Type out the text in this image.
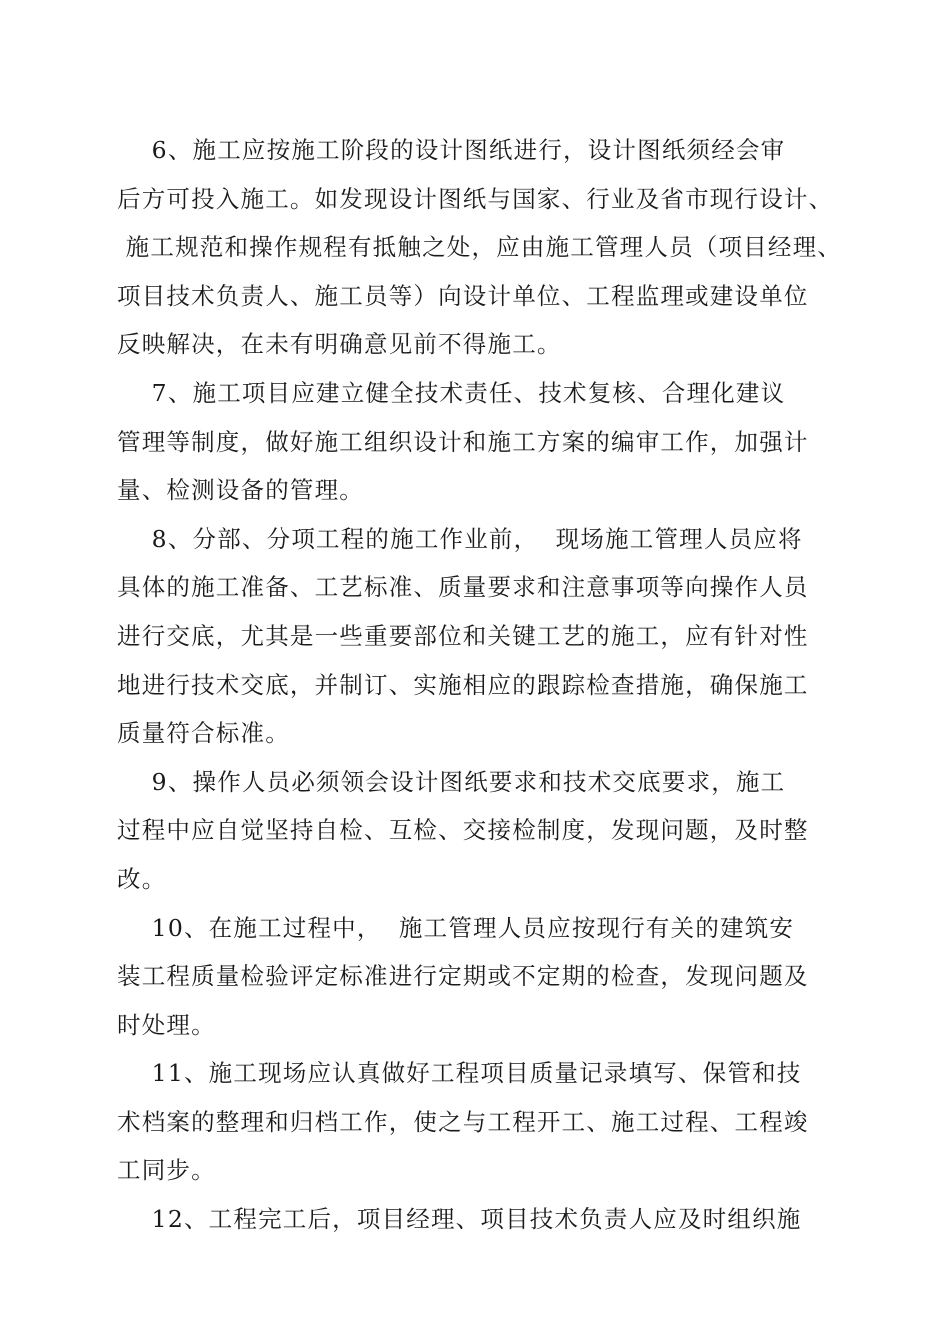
6、施工应按施工阶段的设计图纸进行，设计图纸须经会审
后方可投入施工。如发现设计图纸与国家、行业及省市现行设计、
施工规范和操作规程有抵触之处，应由施工管理人员（项目经理、
项目技术负责人、施工员等）向设计单位、工程监理或建设单位
反映解决，在未有明确意见前不得施工。
7、施工项目应建立健全技术责任、技术复核、合理化建议
管理等制度，做好施工组织设计和施工方案的编审工作，加强计
量、检测设备的管理。
8、分部、分项工程的施工作业前，  现场施工管理人员应将
具体的施工准备、工艺标准、质量要求和注意事项等向操作人员
进行交底，尤其是一些重要部位和关键工艺的施工，应有针对性
地进行技术交底，并制订、实施相应的跟踪检查措施，确保施工
质量符合标准。
9、操作人员必须领会设计图纸要求和技术交底要求，施工
过程中应自觉坚持自检、互检、交接检制度，发现问题，及时整
改。
10、在施工过程中，  施工管理人员应按现行有关的建筑安
装工程质量检验评定标准进行定期或不定期的检查，发现问题及
时处理。
11、施工现场应认真做好工程项目质量记录填写、保管和技
术档案的整理和归档工作，使之与工程开工、施工过程、工程竣
工同步。
12、工程完工后，项目经理、项目技术负责人应及时组织施
